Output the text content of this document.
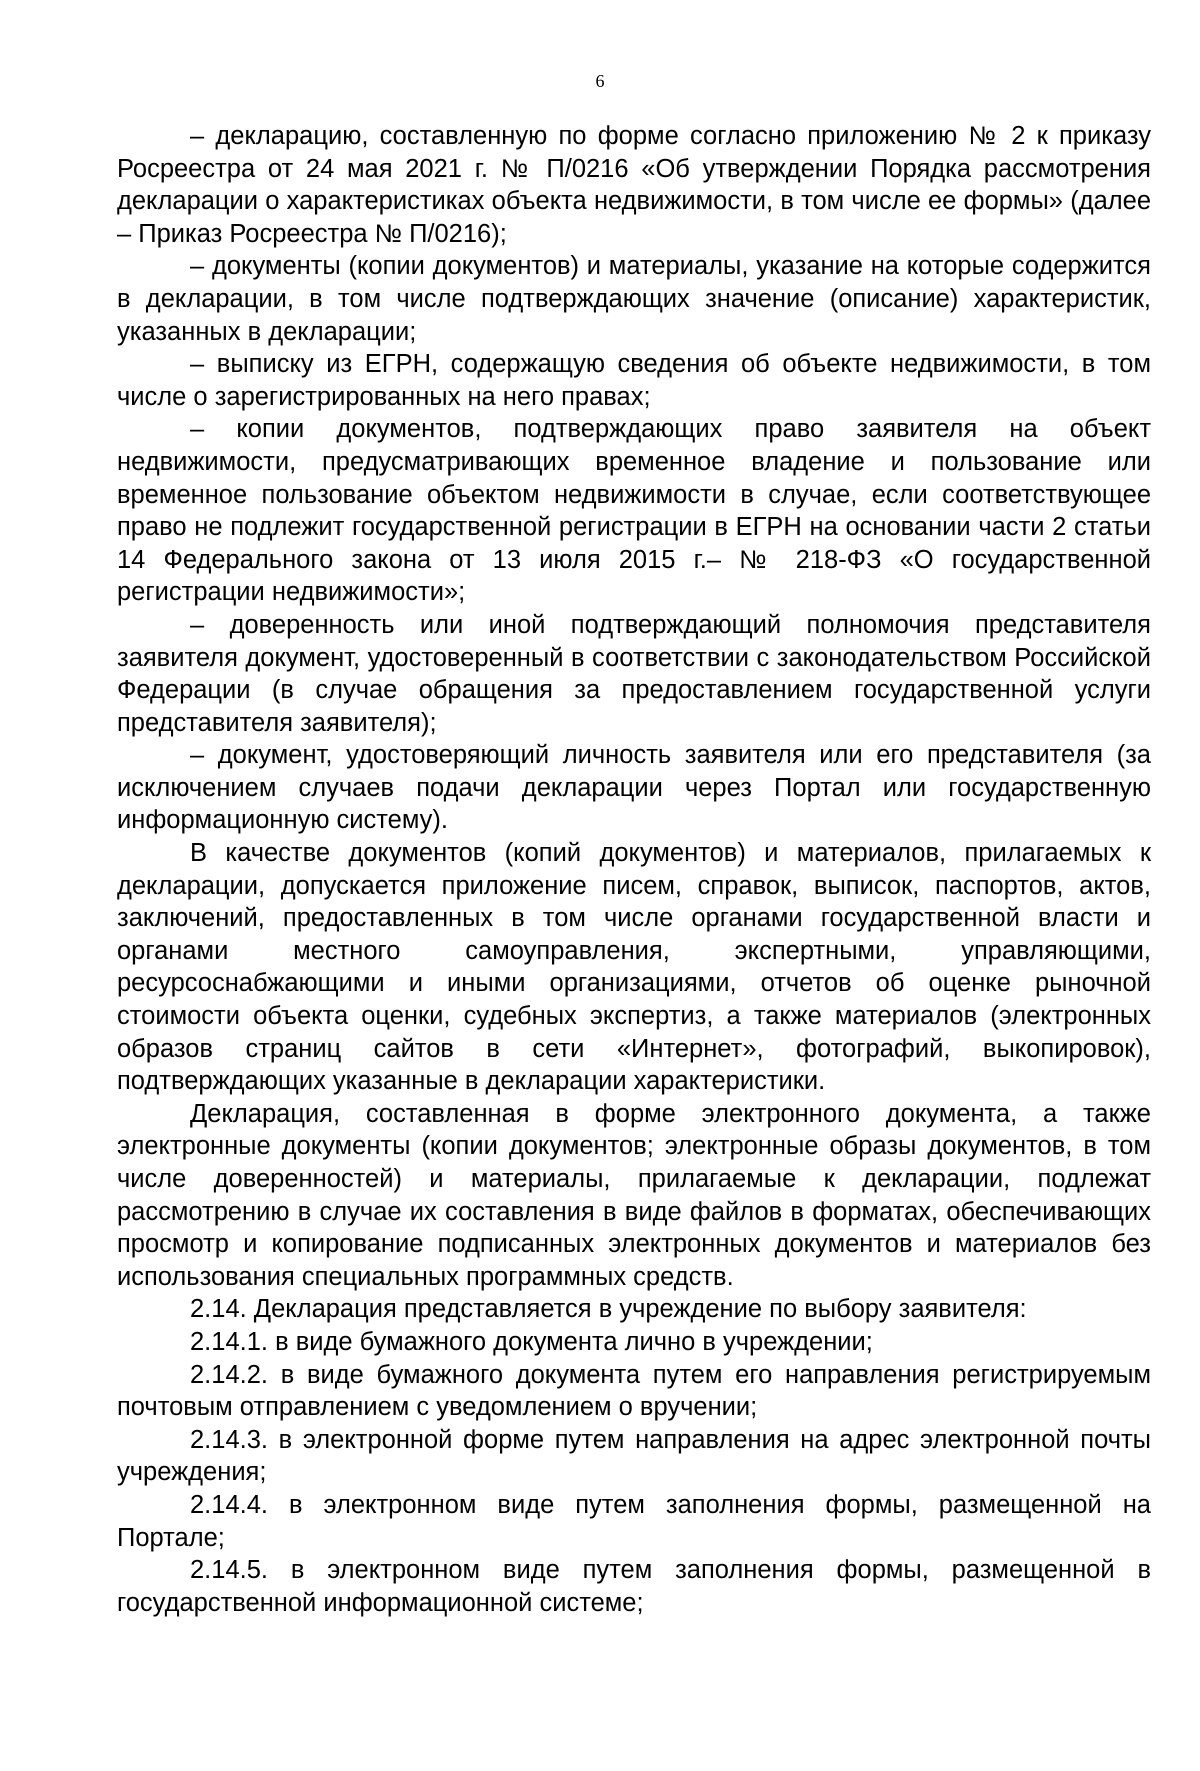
6

– декларацию, составленную по форме согласно приложению № 2 к приказу Росреестра от 24 мая 2021 г. № П/0216 «Об утверждении Порядка рассмотрения декларации о характеристиках объекта недвижимости, в том числе ее формы» (далее – Приказ Росреестра № П/0216);

– документы (копии документов) и материалы, указание на которые содержится в декларации, в том числе подтверждающих значение (описание) характеристик, указанных в декларации;

– выписку из ЕГРН, содержащую сведения об объекте недвижимости, в том числе о зарегистрированных на него правах;

– копии документов, подтверждающих право заявителя на объект недвижимости, предусматривающих временное владение и пользование или временное пользование объектом недвижимости в случае, если соответствующее право не подлежит государственной регистрации в ЕГРН на основании части 2 статьи 14 Федерального закона от 13 июля 2015 г.– № 218-ФЗ «О государственной регистрации недвижимости»;

– доверенность или иной подтверждающий полномочия представителя заявителя документ, удостоверенный в соответствии с законодательством Российской Федерации (в случае обращения за предоставлением государственной услуги представителя заявителя);

– документ, удостоверяющий личность заявителя или его представителя (за исключением случаев подачи декларации через Портал или государственную информационную систему).

В качестве документов (копий документов) и материалов, прилагаемых к декларации, допускается приложение писем, справок, выписок, паспортов, актов, заключений, предоставленных в том числе органами государственной власти и органами местного самоуправления, экспертными, управляющими, ресурсоснабжающими и иными организациями, отчетов об оценке рыночной стоимости объекта оценки, судебных экспертиз, а также материалов (электронных образов страниц сайтов в сети «Интернет», фотографий, выкопировок), подтверждающих указанные в декларации характеристики.

Декларация, составленная в форме электронного документа, а также электронные документы (копии документов; электронные образы документов, в том числе доверенностей) и материалы, прилагаемые к декларации, подлежат рассмотрению в случае их составления в виде файлов в форматах, обеспечивающих просмотр и копирование подписанных электронных документов и материалов без использования специальных программных средств.

2.14. Декларация представляется в учреждение по выбору заявителя:

2.14.1. в виде бумажного документа лично в учреждении;

2.14.2. в виде бумажного документа путем его направления регистрируемым почтовым отправлением с уведомлением о вручении;

2.14.3. в электронной форме путем направления на адрес электронной почты учреждения;

2.14.4. в электронном виде путем заполнения формы, размещенной на Портале;

2.14.5. в электронном виде путем заполнения формы, размещенной в государственной информационной системе;
